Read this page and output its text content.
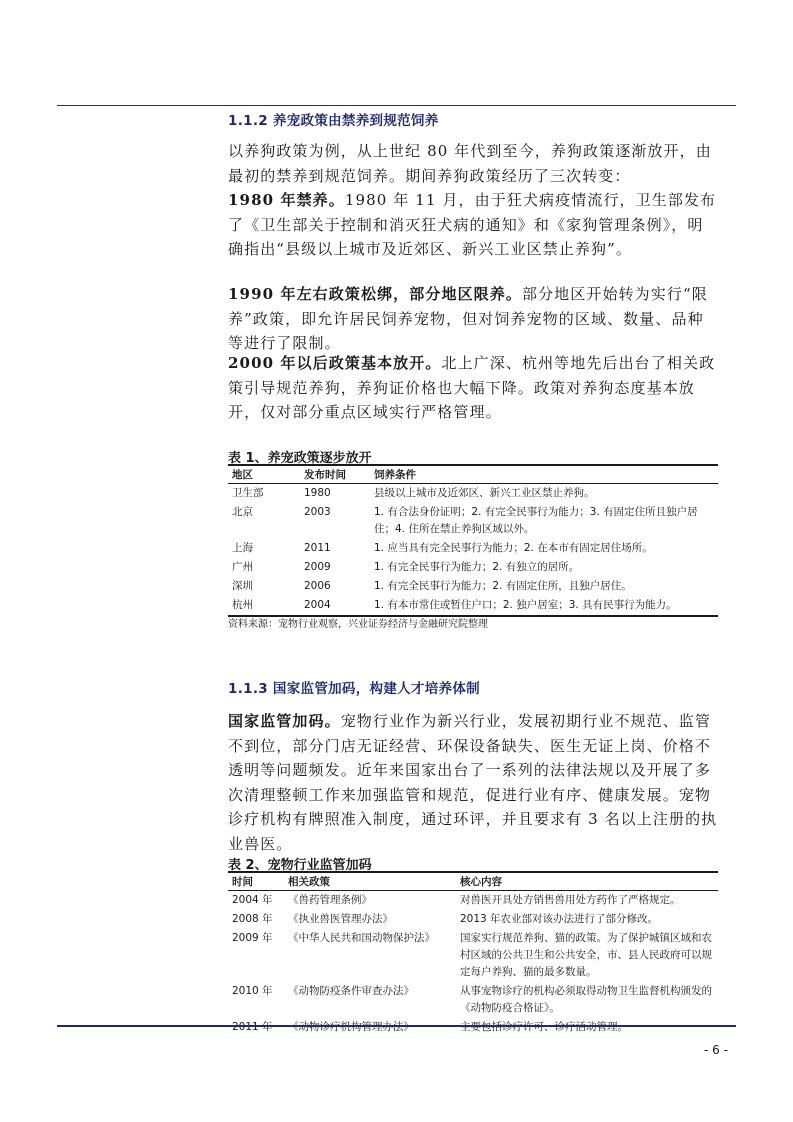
1.1.2 养宠政策由禁养到规范饲养
以养狗政策为例，从上世纪 80 年代到至今，养狗政策逐渐放开，由最初的禁养到规范饲养。期间养狗政策经历了三次转变：
1980 年禁养。1980 年 11 月，由于狂犬病疫情流行，卫生部发布了《卫生部关于控制和消灭狂犬病的通知》和《家狗管理条例》，明确指出“县级以上城市及近郊区、新兴工业区禁止养狗”。
1990 年左右政策松绑，部分地区限养。部分地区开始转为实行“限养”政策，即允许居民饲养宠物，但对饲养宠物的区域、数量、品种等进行了限制。
2000 年以后政策基本放开。北上广深、杭州等地先后出台了相关政策引导规范养狗，养狗证价格也大幅下降。政策对养狗态度基本放开，仅对部分重点区域实行严格管理。
表 1、养宠政策逐步放开
地区	发布时间	饲养条件
卫生部	1980	县级以上城市及近郊区、新兴工业区禁止养狗。
北京	2003	1. 有合法身份证明；2. 有完全民事行为能力；3. 有固定住所且独户居住；4. 住所在禁止养狗区域以外。
上海	2011	1. 应当具有完全民事行为能力；2. 在本市有固定居住场所。
广州	2009	1. 有完全民事行为能力；2. 有独立的居所。
深圳	2006	1. 有完全民事行为能力；2. 有固定住所，且独户居住。
杭州	2004	1. 有本市常住或暂住户口；2. 独户居室；3. 具有民事行为能力。
资料来源：宠物行业观察，兴业证券经济与金融研究院整理
1.1.3 国家监管加码，构建人才培养体制
国家监管加码。宠物行业作为新兴行业，发展初期行业不规范、监管不到位，部分门店无证经营、环保设备缺失、医生无证上岗、价格不透明等问题频发。近年来国家出台了一系列的法律法规以及开展了多次清理整顿工作来加强监管和规范，促进行业有序、健康发展。宠物诊疗机构有牌照准入制度，通过环评，并且要求有 3 名以上注册的执业兽医。
表 2、宠物行业监管加码
时间	相关政策	核心内容
2004 年	《兽药管理条例》	对兽医开具处方销售兽用处方药作了严格规定。
2008 年	《执业兽医管理办法》	2013 年农业部对该办法进行了部分修改。
2009 年	《中华人民共和国动物保护法》	国家实行规范养狗、猫的政策。为了保护城镇区域和农村区域的公共卫生和公共安全，市、县人民政府可以规定每户养狗、猫的最多数量。
2010 年	《动物防疫条件审查办法》	从事宠物诊疗的机构必须取得动物卫生监督机构颁发的《动物防疫合格证》。
2011 年	《动物诊疗机构管理办法》	主要包括诊疗许可、诊疗活动管理。
- 6 -
